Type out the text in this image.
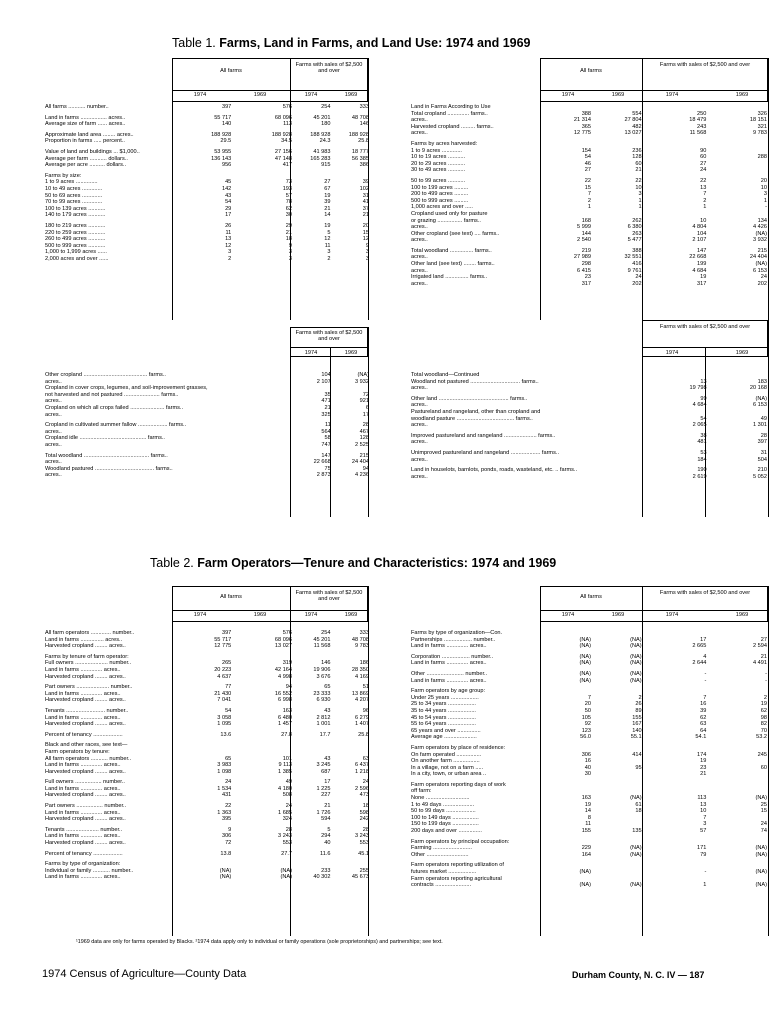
Table 1. Farms, Land in Farms, and Land Use: 1974 and 1969
All farms
Farms with sales of $2,500 and over
1974	1969	1974	1969
All farms ........... number..	397	576	254	333

Land in farms ................. acres..	55 717	68 096	45 201	48 708
Average size of farm ...... acres..	140	113	180	146

Approximate land area ........ acres..	188 928	188 928	188 928	188 928
Proportion in farms ..... percent..	29.5	34.5	24.3	25.8

Value of land and buildings ... $1,000..	53 955	27 156	41 983	18 777
Average per farm ........... dollars..	136 143	47 148	165 283	56 385
Average per acre .......... dollars..	956	417	915	386

Farms by size:				
1 to 9 acres ..............	45	73	27	39
10 to 49 acres .............	142	193	67	102
50 to 69 acres .............	43	57	19	31
70 to 99 acres .............	54	78	39	41
100 to 139 acres ...........	29	62	21	37
140 to 179 acres ...........	17	30	14	21

180 to 219 acres ...........	26	29	19	20
220 to 259 acres ...........	11	21	5	15
260 to 499 acres ...........	13	18	12	12
500 to 999 acres ...........	12	9	11	9
1,000 to 1,999 acres ......	3	3	3	3
2,000 acres and over ......	2	3	2	3
All farms
Farms with sales of $2,500 and over
1974	1969	1974	1969
Land in Farms According to Use				
Total cropland .............. farms..	388	554	250	326
acres..	21 314	27 804	18 479	18 151
Harvested cropland ......... farms..	365	482	243	321
acres..	12 775	13 027	11 568	9 783

Farms by acres harvested:				
1 to 9 acres .............	154	236	90	
10 to 19 acres ...........	54	128	60	288
20 to 29 acres ...........	46	60	27	
30 to 49 acres ...........	27	21	24	

50 to 99 acres ...........	22	22	22	20
100 to 199 acres .........	15	10	13	10
200 to 499 acres .........	7	3	7	3
500 to 999 acres .........	2	1	2	1
1,000 acres and over .....	1	1	1	-
Cropland used only for pasture				
or grazing ................ farms..	168	262	10	134
acres..	5 999	6 380	4 804	4 426
Other cropland (see text) .... farms..	144	263	104	(NA)
acres..	2 540	5 477	2 107	3 932

Total woodland ............... farms..	219	388	147	215
acres..	27 989	32 551	22 668	24 404
Other land (see text) ........ farms..	298	416	199	(NA)
acres..	6 415	9 761	4 684	6 153
Irrigated land ............... farms..	23	24	19	24
acres..	317	202	317	202
Farms with sales of $2,500 and over
1974	1969
Other cropland ......................................... farms..	104	(NA)
acres..	2 107	3 932
Cropland in cover crops, legumes, and soil-improvement grasses,		
not harvested and not pastured ....................... farms..	35	72
acres..	471	921
Cropland on which all crops failed ...................... farms..	21	6
acres..	325	17

Cropland in cultivated summer fallow ................... farms..	11	28
acres..	564	467
Cropland idle ........................................... farms..	58	128
acres..	747	2 525

Total woodland .......................................... farms..	147	215
acres..	22 668	24 404
Woodland pastured ...................................... farms..	75	94
acres..	2 873	4 236
Farms with sales of $2,500 and over
1974	1969
Total woodland—Continued		
Woodland not pastured ................................ farms..	13	183
acres..	19 798	20 168

Other land ............................................. farms..	99	(NA)
acres..	4 684	6 153
Pastureland and rangeland, other than cropland and		
woodland pasture ..................................... farms..	54	49
acres..	2 065	1 301

Improved pastureland and rangeland ..................... farms..	38	28
acres..	481	397

Unimproved pastureland and rangeland ................... farms..	53	31
acres..	184	504

Land in houselots, barnlots, ponds, roads, wasteland, etc. .. farms..	190	210
acres..	2 619	5 052
Table 2. Farm Operators—Tenure and Characteristics: 1974 and 1969
All farms
Farms with sales of $2,500 and over
1974	1969	1974	1969
All farm operators ............. number..	397	576	254	333
Land in farms ............... acres..	55 717	68 096	45 201	48 708
Harvested cropland ........ acres..	12 775	13 027	11 568	9 783

Farms by tenure of farm operator:				
Full owners ..................... number..	265	319	146	186
Land in farms .............. acres..	20 223	42 164	19 906	28 350
Harvested cropland ........ acres..	4 637	4 998	3 676	4 169

Part owners ..................... number..	77	94	65	51
Land in farms .............. acres..	21 430	16 552	23 333	13 869
Harvested cropland ........ acres..	7 041	6 998	6 930	4 207

Tenants ......................... number..	54	163	43	96
Land in farms .............. acres..	3 058	6 480	2 812	6 279
Harvested cropland ........ acres..	1 095	1 457	1 001	1 407

Percent of tenancy ...................	13.6	27.8	17.7	25.8

Black and other races, see text—				
Farm operators by tenure:				
All farm operators ........... number..	65	101	43	63
Land in farms .............. acres..	3 983	9 113	3 245	6 437
Harvested cropland ........ acres..	1 098	1 385	687	1 218

Full owners ................. number..	24	49	17	24
Land in farms .............. acres..	1 534	4 180	1 225	2 596
Harvested cropland ........ acres..	431	508	227	473

Part owners ................. number..	22	24	21	18
Land in farms .............. acres..	1 363	1 685	1 726	598
Harvested cropland ........ acres..	395	324	594	242

Tenants ..................... number..	9	28	5	28
Land in farms .............. acres..	306	3 243	294	3 243
Harvested cropland ........ acres..	72	553	40	553

Percent of tenancy ...................	13.8	27.7	11.6	45.1

Farms by type of organization:				
Individual or family ........... number..	(NA)	(NA)	233	255
Land in farms .............. acres..	(NA)	(NA)	40 302	45 673
All farms
Farms with sales of $2,500 and over
1974	1969	1974	1969
Farms by type of organization—Con.				
Partnerships .................. number..	(NA)	(NA)	17	27
Land in farms .............. acres..	(NA)	(NA)	2 665	2 594

Corporation .................. number..	(NA)	(NA)	4	21
Land in farms .............. acres..	(NA)	(NA)	2 644	4 491

Other ........................ number..	(NA)	(NA)	-	-
Land in farms .............. acres..	(NA)	(NA)	-	-

Farm operators by age group:				
Under 25 years ..................	7	2	7	2
25 to 34 years ..................	20	26	16	19
35 to 44 years ..................	50	89	39	62
45 to 54 years ..................	105	155	62	98
55 to 64 years ..................	92	167	63	82
65 years and over ...............	123	140	64	70
Average age .....................	56.0	55.1	54.1	53.2

Farm operators by place of residence:				
On farm operated ................	306	414	174	245
On another farm .................	16		19	
In a village, not on a farm .....	40	95	23	60
In a city, town, or urban area ..	30		21	

Farm operators reporting days of work				
off farm:				
None ............................	163	(NA)	113	(NA)
1 to 49 days ....................	19	61	13	25
50 to 99 days ...................	14	18	10	15
100 to 149 days .................	8		7	
150 to 199 days .................	11		3	24
200 days and over ...............	155	135	57	74

Farm operators by principal occupation:				
Farming .........................	229	(NA)	171	(NA)
Other ...........................	164	(NA)	79	(NA)

Farm operators reporting utilization of				
futures market ..................	(NA)		-	(NA)
Farm operators reporting agricultural				
contracts .......................	(NA)	(NA)	1	(NA)
¹1969 data are only for farms operated by Blacks. ²1974 data apply only to individual or family operations (sole proprietorships) and partnerships; see text.
1974 Census of Agriculture—County Data	Durham County, N. C. IV — 187
